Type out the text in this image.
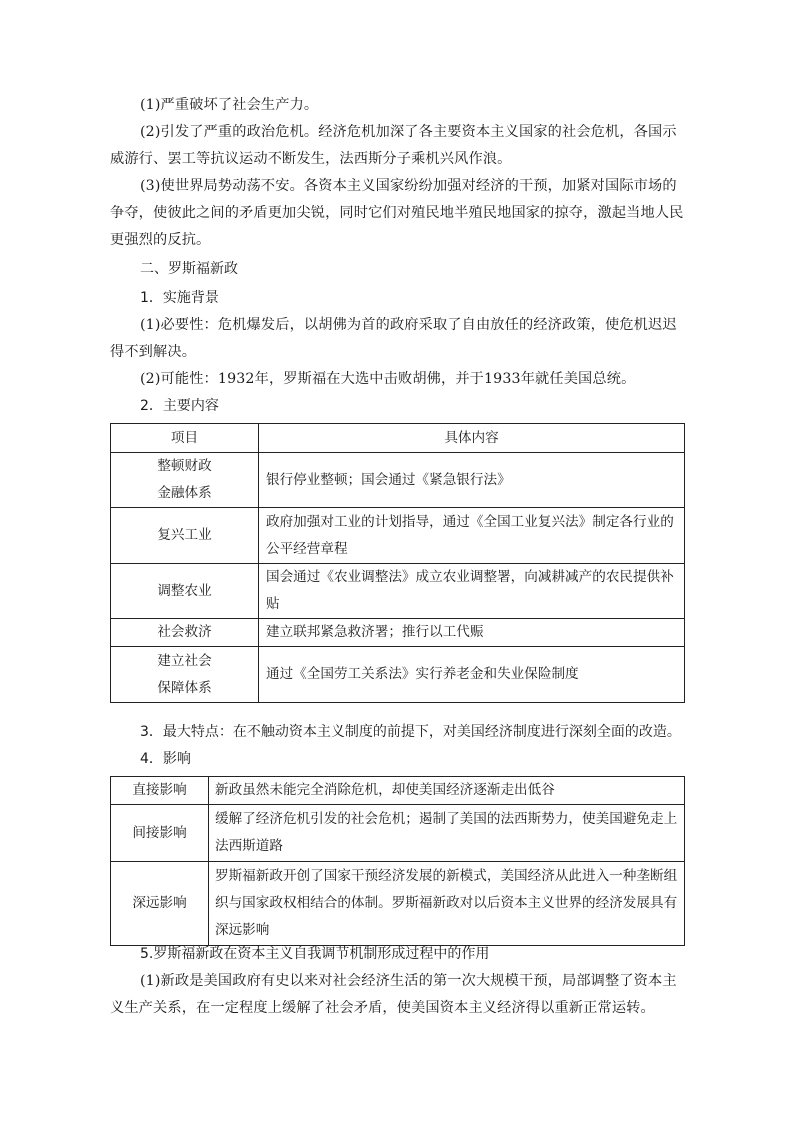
(1)严重破坏了社会生产力。

(2)引发了严重的政治危机。经济危机加深了各主要资本主义国家的社会危机，各国示威游行、罢工等抗议运动不断发生，法西斯分子乘机兴风作浪。

(3)使世界局势动荡不安。各资本主义国家纷纷加强对经济的干预，加紧对国际市场的争夺，使彼此之间的矛盾更加尖锐，同时它们对殖民地半殖民地国家的掠夺，激起当地人民更强烈的反抗。

二、罗斯福新政

1．实施背景

(1)必要性：危机爆发后，以胡佛为首的政府采取了自由放任的经济政策，使危机迟迟得不到解决。

(2)可能性：1932年，罗斯福在大选中击败胡佛，并于1933年就任美国总统。

2．主要内容

项目	具体内容
整顿财政
金融体系	银行停业整顿；国会通过《紧急银行法》
复兴工业	政府加强对工业的计划指导，通过《全国工业复兴法》制定各行业的公平经营章程
调整农业	国会通过《农业调整法》成立农业调整署，向减耕减产的农民提供补贴
社会救济	建立联邦紧急救济署；推行以工代赈
建立社会
保障体系	通过《全国劳工关系法》实行养老金和失业保险制度

3．最大特点：在不触动资本主义制度的前提下，对美国经济制度进行深刻全面的改造。

4．影响

直接影响	新政虽然未能完全消除危机，却使美国经济逐渐走出低谷
间接影响	缓解了经济危机引发的社会危机；遏制了美国的法西斯势力，使美国避免走上法西斯道路
深远影响	罗斯福新政开创了国家干预经济发展的新模式，美国经济从此进入一种垄断组织与国家政权相结合的体制。罗斯福新政对以后资本主义世界的经济发展具有深远影响

5.罗斯福新政在资本主义自我调节机制形成过程中的作用

(1)新政是美国政府有史以来对社会经济生活的第一次大规模干预，局部调整了资本主义生产关系，在一定程度上缓解了社会矛盾，使美国资本主义经济得以重新正常运转。
